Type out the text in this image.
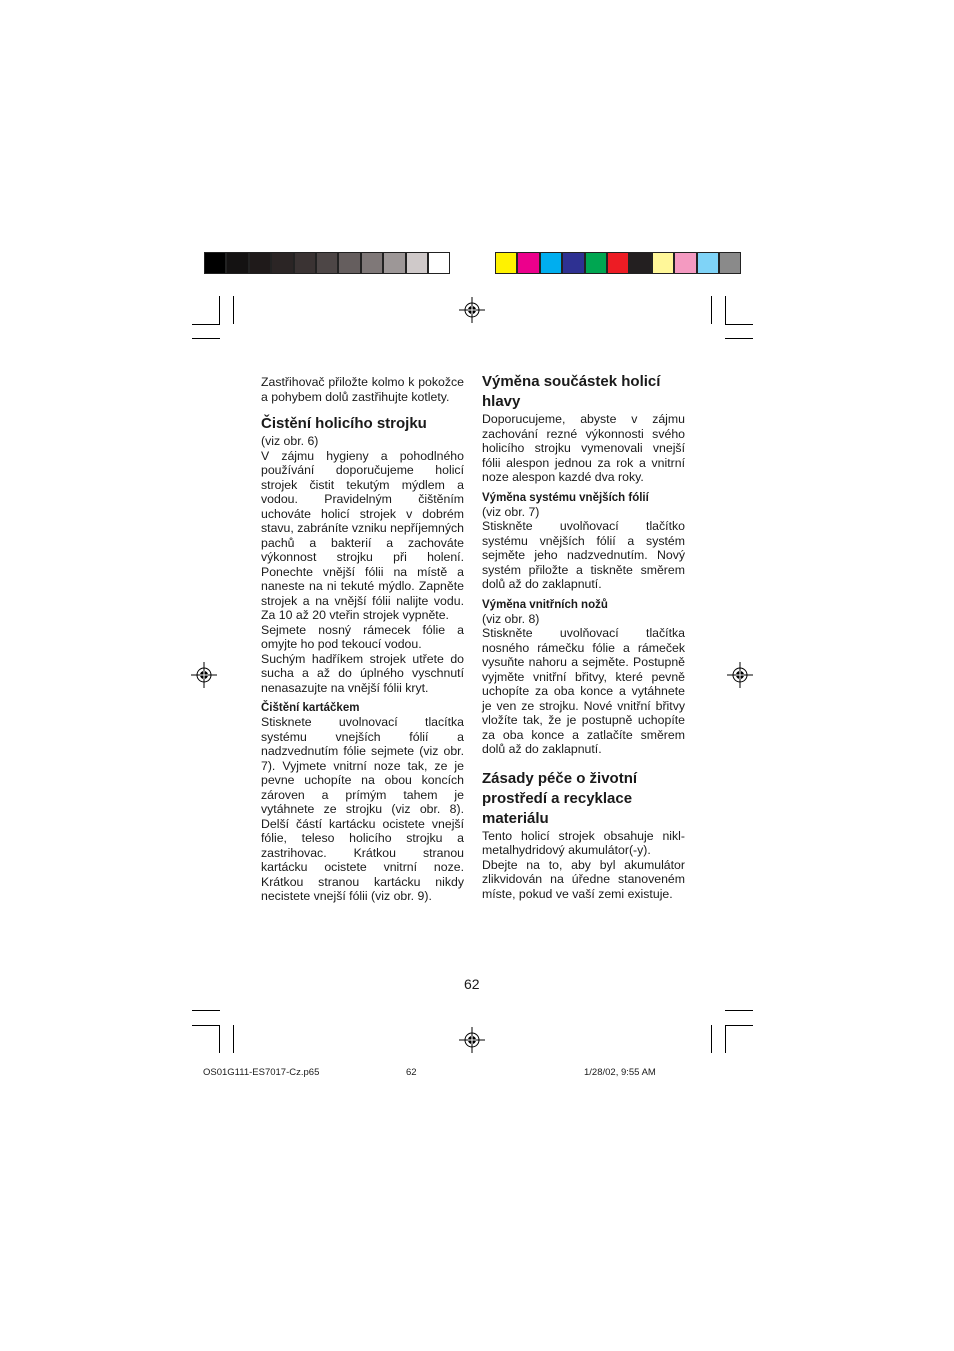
Zastřihovač přiložte kolmo k pokožce a pohybem dolů zastřihujte kotlety.

Čistění holicího strojku

(viz obr. 6)

V zájmu hygieny a pohodlného používání doporučujeme holicí strojek čistit tekutým mýdlem a vodou. Pravidelným čištěním uchováte holicí strojek v dobrém stavu, zabráníte vzniku nepříjemných pachů a bakterií a zachováte výkonnost strojku při holení. Ponechte vnější fólii na místě a naneste na ni tekuté mýdlo. Zapněte strojek a na vnější fólii nalijte vodu. Za 10 až 20 vteřin strojek vypněte.

Sejmete nosný rámecek fólie a omyjte ho pod tekoucí vodou.

Suchým hadříkem strojek utřete do sucha a až do úplného vyschnutí nenasazujte na vnější fólii kryt.

Čištění kartáčkem

Stisknete uvolnovací tlacítka systému vnejších fólií a nadzvednutím fólie sejmete (viz obr. 7). Vyjmete vnitrní noze tak, ze je pevne uchopíte na obou koncích zároven a prímým tahem je vytáhnete ze strojku (viz obr. 8). Delší částí kartácku ocistete vnejší fólie, teleso holicího strojku a zastrihovac. Krátkou stranou kartácku ocistete vnitrní noze. Krátkou stranou kartácku nikdy necistete vnejší fólii (viz obr. 9).

Výměna součástek holicí hlavy

Doporucujeme, abyste v zájmu zachování rezné výkonnosti svého holicího strojku vymenovali vnejší fólii alespon jednou za rok a vnitrní noze alespon kazdé dva roky.

Výměna systému vnějších fólií

(viz obr. 7)

Stiskněte uvolňovací tlačítko systému vnějších fólií a systém sejměte jeho nadzvednutím. Nový systém přiložte a tiskněte směrem dolů až do zaklapnutí.

Výměna vnitřních nožů

(viz obr. 8)

Stiskněte uvolňovací tlačítka nosného rámečku fólie a rámeček vysuňte nahoru a sejměte. Postupně vyjměte vnitřní břitvy, které pevně uchopíte za oba konce a vytáhnete je ven ze strojku. Nové vnitřní břitvy vložíte tak, že je postupně uchopíte za oba konce a zatlačíte směrem dolů až do zaklapnutí.

Zásady péče o životní prostředí a recyklace materiálu

Tento holicí strojek obsahuje nikl-metalhydridový akumulátor(-y).

Dbejte na to, aby byl akumulátor zlikvidován na úředne stanoveném míste, pokud ve vaší zemi existuje.

62
OS01G111-ES7017-Cz.p65	62	1/28/02, 9:55 AM
